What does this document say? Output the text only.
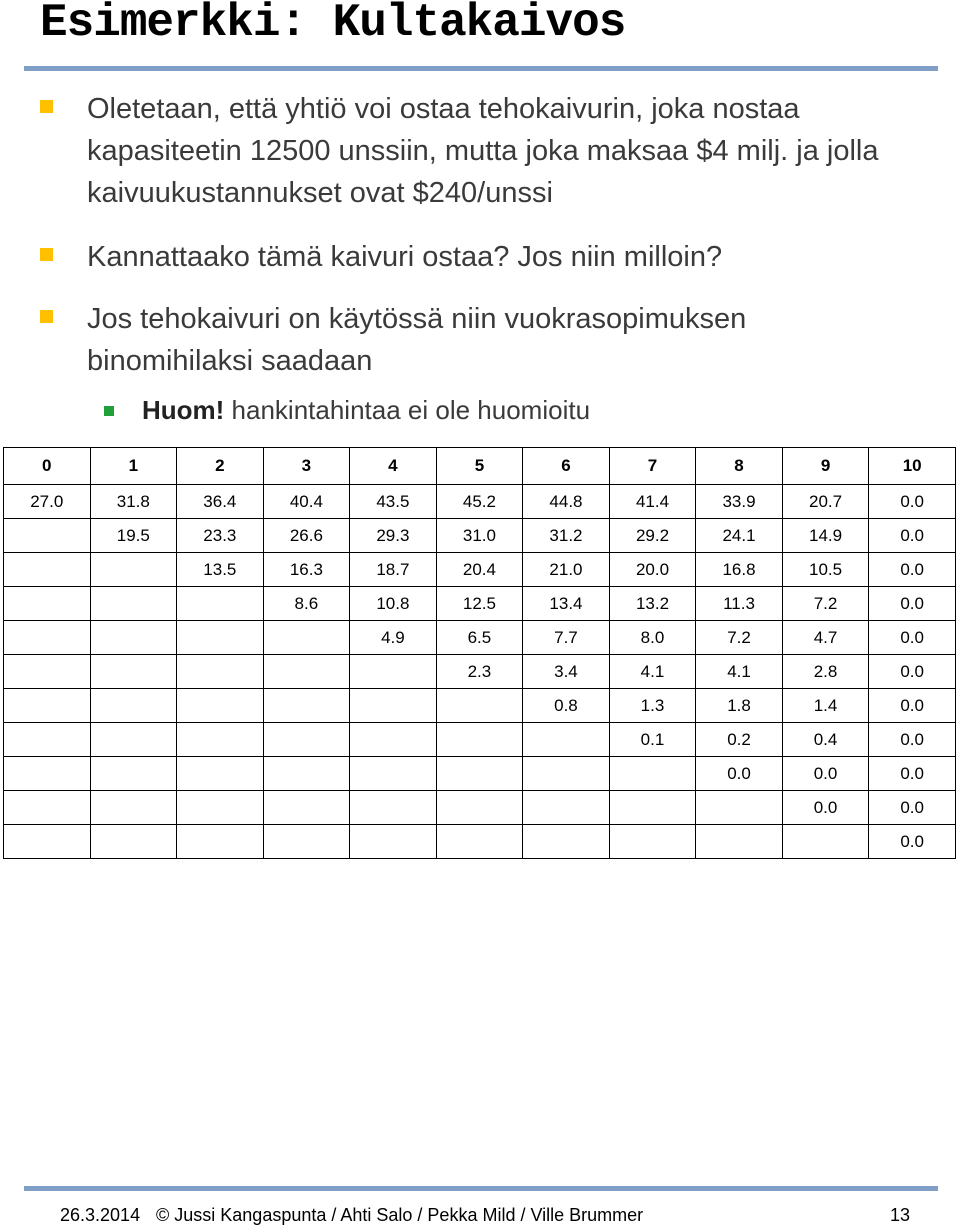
Esimerkki: Kultakaivos
Oletetaan, että yhtiö voi ostaa tehokaivurin, joka nostaa kapasiteetin 12500 unssiin, mutta joka maksaa $4 milj. ja jolla kaivuukustannukset ovat $240/unssi
Kannattaako tämä kaivuri ostaa? Jos niin milloin?
Jos tehokaivuri on käytössä niin vuokrasopimuksen binomihilaksi saadaan
Huom! hankintahintaa ei ole huomioitu
0	1	2	3	4	5	6	7	8	9	10
27.0	31.8	36.4	40.4	43.5	45.2	44.8	41.4	33.9	20.7	0.0
	19.5	23.3	26.6	29.3	31.0	31.2	29.2	24.1	14.9	0.0
		13.5	16.3	18.7	20.4	21.0	20.0	16.8	10.5	0.0
			8.6	10.8	12.5	13.4	13.2	11.3	7.2	0.0
				4.9	6.5	7.7	8.0	7.2	4.7	0.0
					2.3	3.4	4.1	4.1	2.8	0.0
						0.8	1.3	1.8	1.4	0.0
							0.1	0.2	0.4	0.0
								0.0	0.0	0.0
									0.0	0.0
										0.0
26.3.2014 © Jussi Kangaspunta / Ahti Salo / Pekka Mild / Ville Brummer	13
